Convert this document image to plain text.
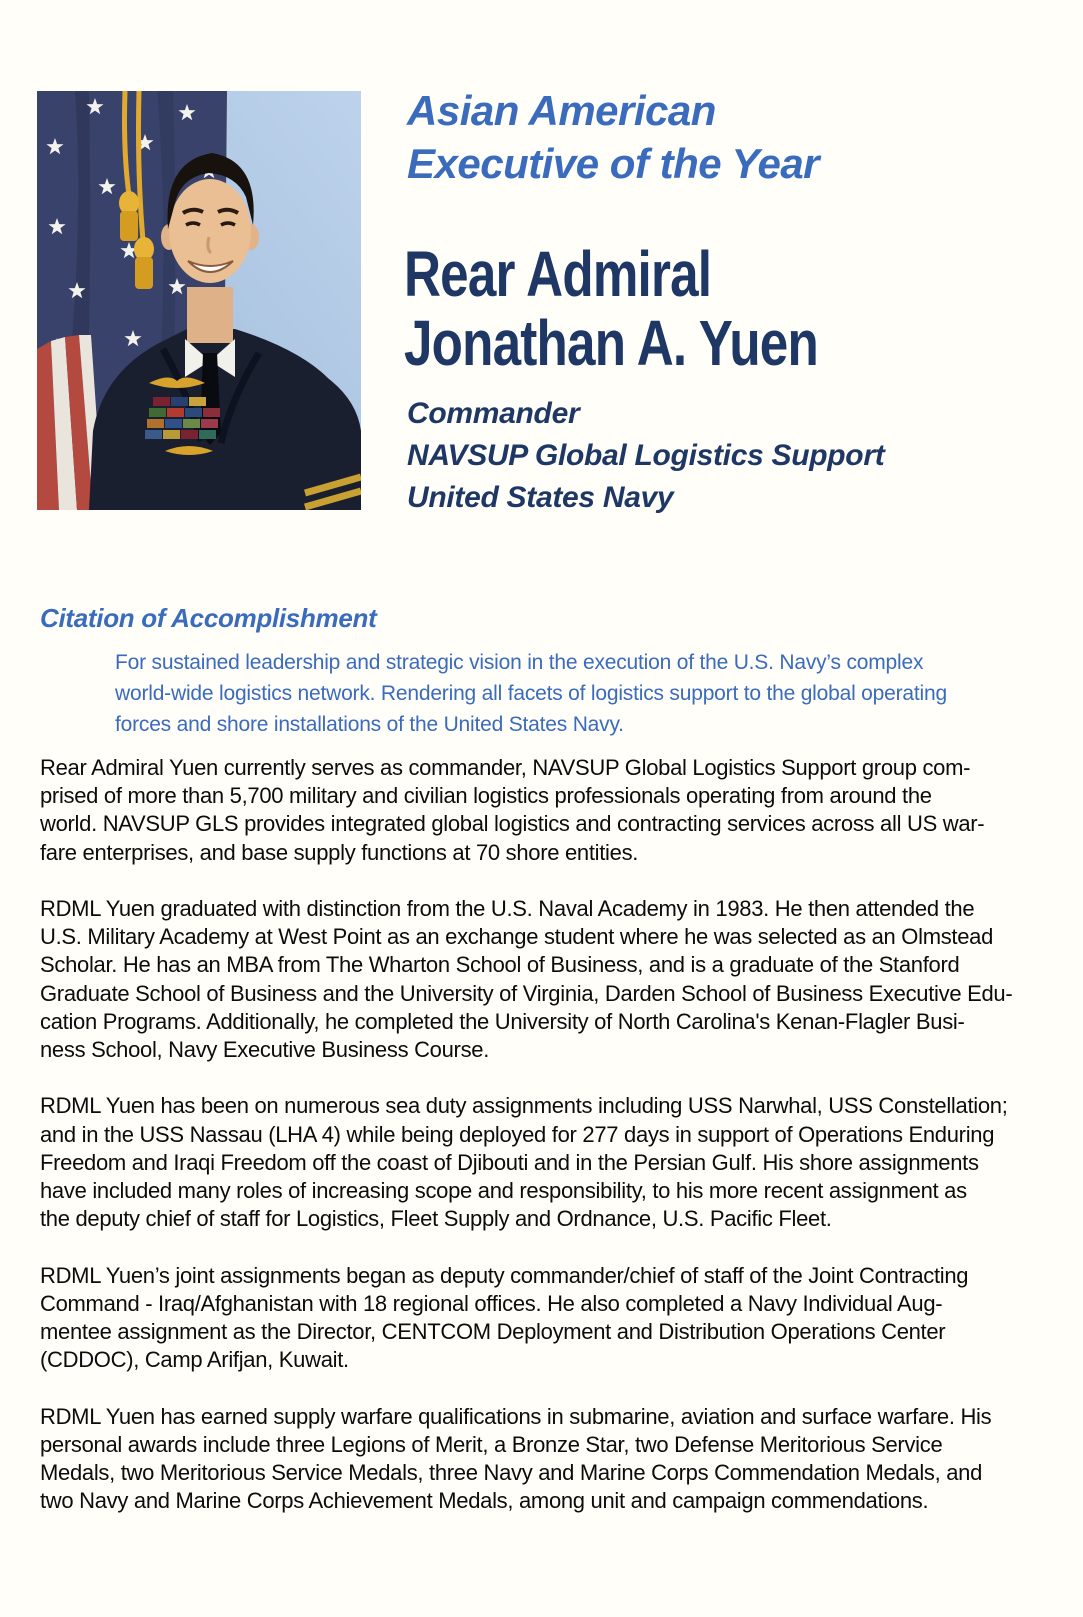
Asian American
Executive of the Year
Rear Admiral
Jonathan A. Yuen
Commander
NAVSUP Global Logistics Support
United States Navy
Citation of Accomplishment
For sustained leadership and strategic vision in the execution of the U.S. Navy’s complex
world-wide logistics network. Rendering all facets of logistics support to the global operating
forces and shore installations of the United States Navy.
Rear Admiral Yuen currently serves as commander, NAVSUP Global Logistics Support group com-
prised of more than 5,700 military and civilian logistics professionals operating from around the
world. NAVSUP GLS provides integrated global logistics and contracting services across all US war-
fare enterprises, and base supply functions at 70 shore entities.
RDML Yuen graduated with distinction from the U.S. Naval Academy in 1983. He then attended the
U.S. Military Academy at West Point as an exchange student where he was selected as an Olmstead
Scholar. He has an MBA from The Wharton School of Business, and is a graduate of the Stanford
Graduate School of Business and the University of Virginia, Darden School of Business Executive Edu-
cation Programs. Additionally, he completed the University of North Carolina's Kenan-Flagler Busi-
ness School, Navy Executive Business Course.
RDML Yuen has been on numerous sea duty assignments including USS Narwhal, USS Constellation;
and in the USS Nassau (LHA 4) while being deployed for 277 days in support of Operations Enduring
Freedom and Iraqi Freedom off the coast of Djibouti and in the Persian Gulf. His shore assignments
have included many roles of increasing scope and responsibility, to his more recent assignment as
the deputy chief of staff for Logistics, Fleet Supply and Ordnance, U.S. Pacific Fleet.
RDML Yuen’s joint assignments began as deputy commander/chief of staff of the Joint Contracting
Command - Iraq/Afghanistan with 18 regional offices. He also completed a Navy Individual Aug-
mentee assignment as the Director, CENTCOM Deployment and Distribution Operations Center
(CDDOC), Camp Arifjan, Kuwait.
RDML Yuen has earned supply warfare qualifications in submarine, aviation and surface warfare. His
personal awards include three Legions of Merit, a Bronze Star, two Defense Meritorious Service
Medals, two Meritorious Service Medals, three Navy and Marine Corps Commendation Medals, and
two Navy and Marine Corps Achievement Medals, among unit and campaign commendations.
